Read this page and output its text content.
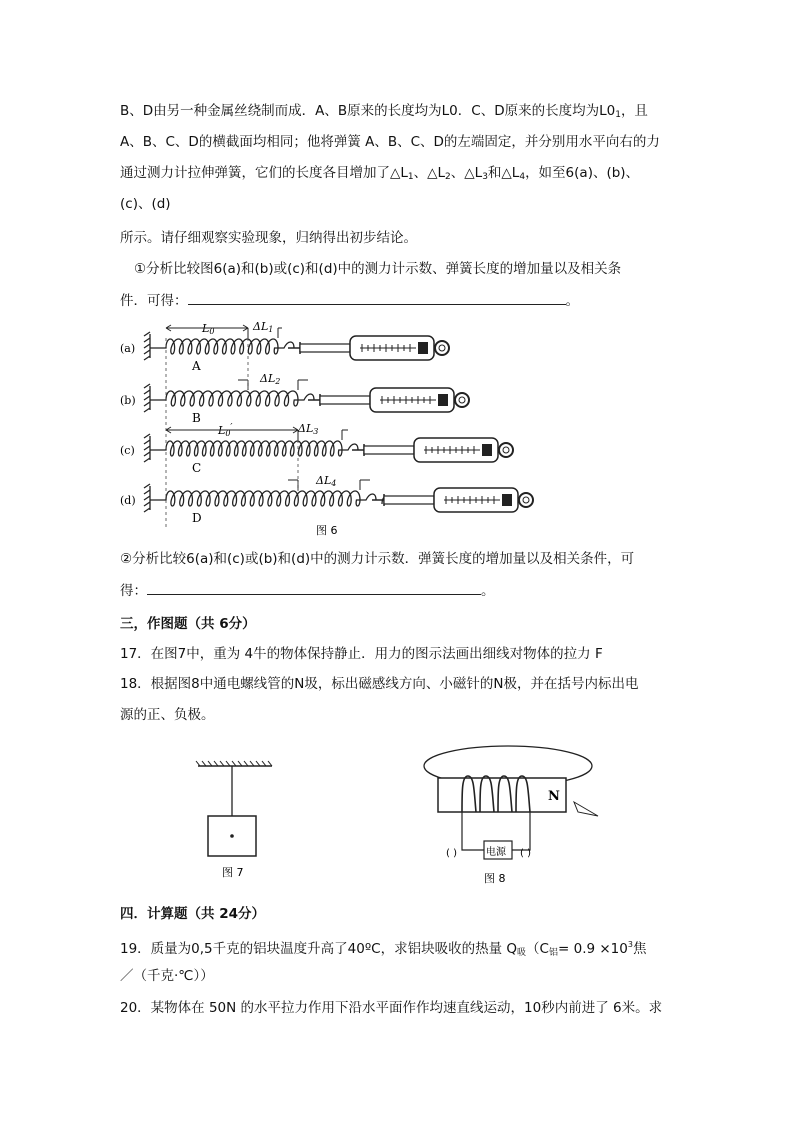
B、D由另一种金属丝绕制而成．A、B原来的长度均为L0．C、D原来的长度均为$L0_1$，且
A、B、C、D的横截面均相同；他将弹簧 A、B、C、D的左端固定，并分别用水平向右的力
通过测力计拉伸弹簧，它们的长度各目增加了$\triangle L_1$、$\triangle L_2$、$\triangle L_3$和$\triangle L_4$，如至6(a)、(b)、
(c)、(d)
所示。请仔细观察实验现象，归纳得出初步结论。
①分析比较图6(a)和(b)或(c)和(d)中的测力计示数、弹簧长度的增加量以及相关条
件．可得：	。
(a)
A
L0	ΔL1
(b)
B
ΔL2
(c)
C
L0′	ΔL3
(d)
D
ΔL4
图 6
②分析比较6(a)和(c)或(b)和(d)中的测力计示数．弹簧长度的增加量以及相关条件，可
得：	。
三，作图题（共 6分）
17．在图7中，重为 4牛的物体保持静止．用力的图示法画出细线对物体的拉力 F
18．根据图8中通电螺线管的N圾，标出磁感线方向、小磁针的N极，并在括号内标出电
源的正、负极。
图 7
N
电源
( )	( )
图 8
四．计算题（共 24分）
19．质量为0,5千克的铝块温度升高了40ºC，求铝块吸收的热量 $Q_吸(C_铝= 0.9 \times 10^3$焦
／（千克·℃））
20．某物体在 50N 的水平拉力作用下沿水平面作作均速直线运动，10秒内前进了 6米。求
